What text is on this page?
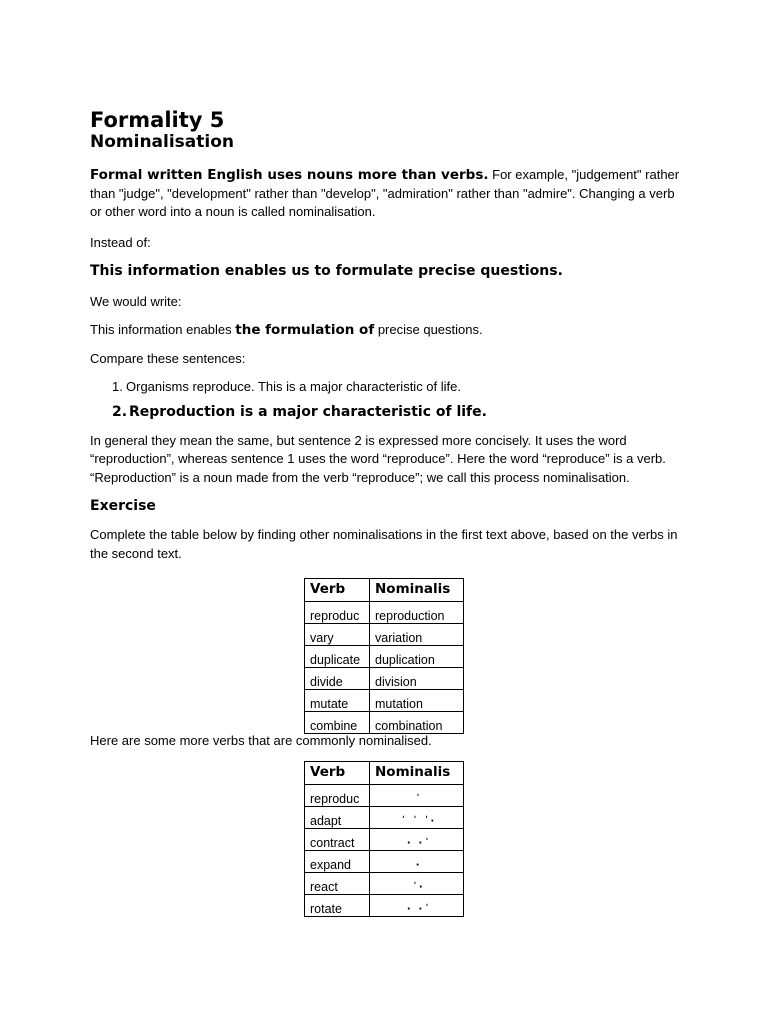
Formality 5
Nominalisation

Formal written English uses nouns more than verbs. For example, "judgement" rather than "judge", "development" rather than "develop", "admiration" rather than "admire". Changing a verb or other word into a noun is called nominalisation.

Instead of:

This information enables us to formulate precise questions.

We would write:

This information enables the formulation of precise questions.

Compare these sentences:

1. Organisms reproduce. This is a major characteristic of life.
2. Reproduction is a major characteristic of life.

In general they mean the same, but sentence 2 is expressed more concisely. It uses the word “reproduction”, whereas sentence 1 uses the word “reproduce”. Here the word “reproduce” is a verb. “Reproduction” is a noun made from the verb “reproduce”; we call this process nominalisation.

Exercise

Complete the table below by finding other nominalisations in the first text above, based on the verbs in the second text.

Verb	Nominalis

reproduc	reproduction

vary	variation

duplicate	duplication

divide	division

mutate	mutation

combine	combination

Here are some more verbs that are commonly nominalised.

Verb	Nominalis

reproduc	ˈ

adapt	ˈ ˈ ˈ·

contract	· ·ˈ

expand	·

react	ˈ·

rotate	· ·ˈ
